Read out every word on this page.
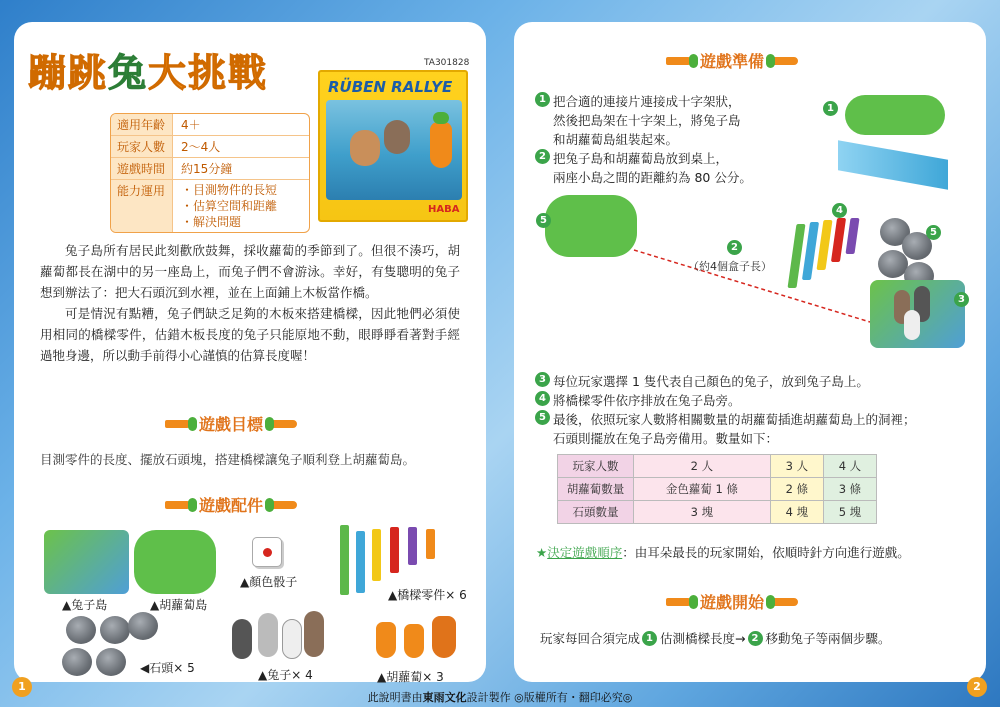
蹦跳兔大挑戰	TA301828
適用年齡	4＋
玩家人數	2～4人
遊戲時間	約15分鐘
能力運用	・目測物件的長短
・估算空間和距離
・解決問題
RÜBEN RALLYE
HABA

兔子島所有居民此刻歡欣鼓舞，採收蘿蔔的季節到了。但很不湊巧，胡蘿蔔都長在湖中的另一座島上，而兔子們不會游泳。幸好，有隻聰明的兔子想到辦法了：把大石頭沉到水裡，並在上面鋪上木板當作橋。

可是情況有點糟，兔子們缺乏足夠的木板來搭建橋樑，因此牠們必須使用相同的橋樑零件，估錯木板長度的兔子只能原地不動，眼睜睜看著對手經過牠身邊，所以動手前得小心謹慎的估算長度喔！

遊戲目標
目測零件的長度、擺放石頭塊，搭建橋樑讓兔子順利登上胡蘿蔔島。
遊戲配件
▲兔子島	▲胡蘿蔔島
▲顏色骰子
▲橋樑零件× 6
◀石頭× 5	▲兔子× 4	▲胡蘿蔔× 3
遊戲準備
1 把合適的連接片連接成十字架狀，
然後把島架在十字架上，將兔子島
和胡蘿蔔島組裝起來。
2 把兔子島和胡蘿蔔島放到桌上，
兩座小島之間的距離約為 80 公分。
1
5
2
（約4個盒子長）
4
5
3
3 每位玩家選擇 1 隻代表自己顏色的兔子，放到兔子島上。
4 將橋樑零件依序排放在兔子島旁。
5 最後，依照玩家人數將相關數量的胡蘿蔔插進胡蘿蔔島上的洞裡；
石頭則擺放在兔子島旁備用。數量如下：
玩家人數	2 人	3 人	4 人
胡蘿蔔數量	金色蘿蔔 1 條	2 條	3 條
石頭數量	3 塊	4 塊	5 塊
★決定遊戲順序：由耳朵最長的玩家開始，依順時針方向進行遊戲。
遊戲開始
玩家每回合須完成 1 估測橋樑長度→ 2 移動兔子等兩個步驟。
1	2
此說明書由東雨文化設計製作 ◎版權所有・翻印必究◎
